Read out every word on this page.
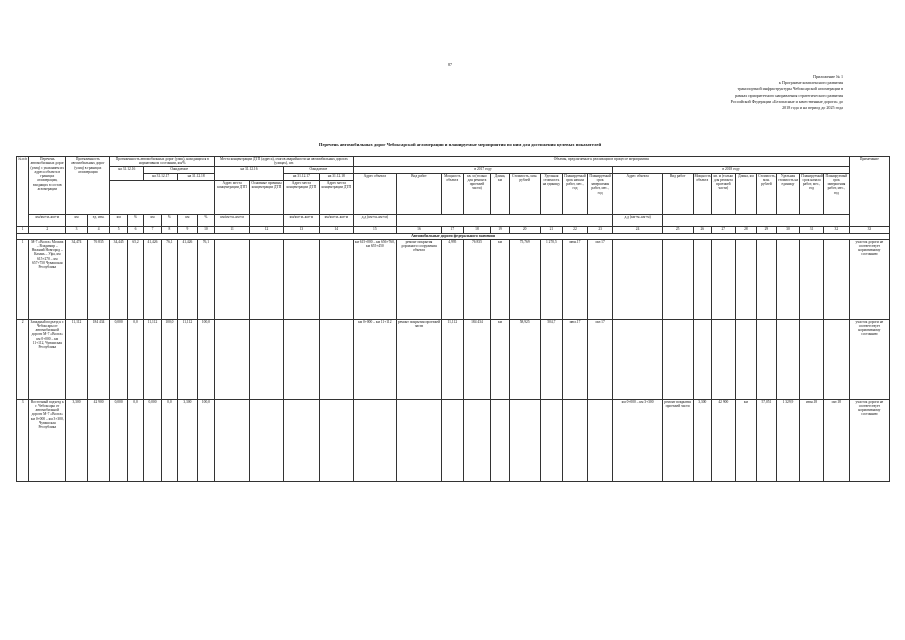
87
Приложение № 1
к Программе комплексного развития
транспортной инфраструктуры Чебоксарской агломерации в
рамках приоритетного направления стратегического развития
Российской Федерации «Безопасные и качественные дороги» до
2018 года и на период до 2025 года
Перечень автомобильных дорог Чебоксарской агломерации и планируемые мероприятия по ним для достижения целевых показателей
№ п/п	Перечень автомобильных дорог (улиц) с указанием их адреса объекта в границах агломерации, входящих в состав агломерации	Протяженность автомобильных дорог (улиц) в границах агломерации		Протяженность автомобильных дорог (улиц), находящихся в нормативном состоянии, км/%						Места концентрации ДТП (адреса), очагов аварийности на автомобильных дорогах (улицах), шт.				Объемы, предлагаемые к реализации в процессе мероприятия																		Примечание
				на 31.12.16		Ожидаемое				на 31.12.16		Ожидаемое		в 2017 году									в 2018 году									
						на 31.12.17		на 31.12.18				на 31.12.17	на 31.12.18	Адрес объекта	Вид работ	Мощность объекта	кв. м (только для ремонта проезжей части)	Длина, км	Стоимость, млн. рублей	Удельная стоимость на единицу	Планируемый срок начала работ, мес., год	Планируемый срок завершения работ, мес., год	Адрес объекта	Вид работ	Мощность объекта	кв. м (только для ремонта проезжей части)	Длина, км	Стоимость, млн. рублей	Удельная стоимость на единицу	Планируемый срок начала работ, мес., год	Планируемый срок завершения работ, мес., год	
										Адрес места концентрации ДТП	Основные причины концентрации ДТП	Адрес места концентрации ДТП	Адрес места концентрации ДТП																			
	км/км+м–км+м	км	ед. изм.	км	%	км	%	км	%	км/км+м–км+м		км/км+м–км+м	км/км+м–км+м	д.д (км+м–км+м)									д.д (км+м–км+м)									
1	2	3	4	5	6	7	8	9	10	11	12	13	14	15	16	17	18	19	20	21	22	23	24	25	26	27	28	29	30	31	32	33
Автомобильные дороги федерального значения																																
1	М-7 «Волга» Москва – Владимир – Нижний Новгород – Казань – Уфа, км 615+270 – км 657+750 Чувашская Республика	34,474	76 835	34,445	65,2	41,426	76,1	41,426	76,1					км 615+000 – км 656+760, км 655+450	ремонт покрытия дорожного сооружения объекта	4,995	76 835	км	75,769	1 270,5	июн.17	окт.17										участок дороги не соответствует нормативному состоянию
2	Западный подъезд к г. Чебоксары от автомобильной дороги М-7 «Волга» км 0+000 – км 11+112, Чувашская Республика	11,112	184 434	0,000	0,0	11,112	100,0	11,112	100,0					км 0+000 – км 11+112	ремонт покрытия проезжей части	11,112	184 434	км	58,925	504,7	июл.17	окт.17										участок дороги не соответствует нормативному состоянию
3	Восточный подъезд к г. Чебоксары от автомобильной дороги М-7 «Волга» км 0+000 – км 3+300, Чувашская Республика	3,300	42 900	0,000	0,0	0,000	0,0	3,300	100,0														км 0+000 – км 3+300	ремонт покрытия проезжей части	3,300	42 900	км	57,051	1 329,9	июн.18	окт.18	участок дороги не соответствует нормативному состоянию
